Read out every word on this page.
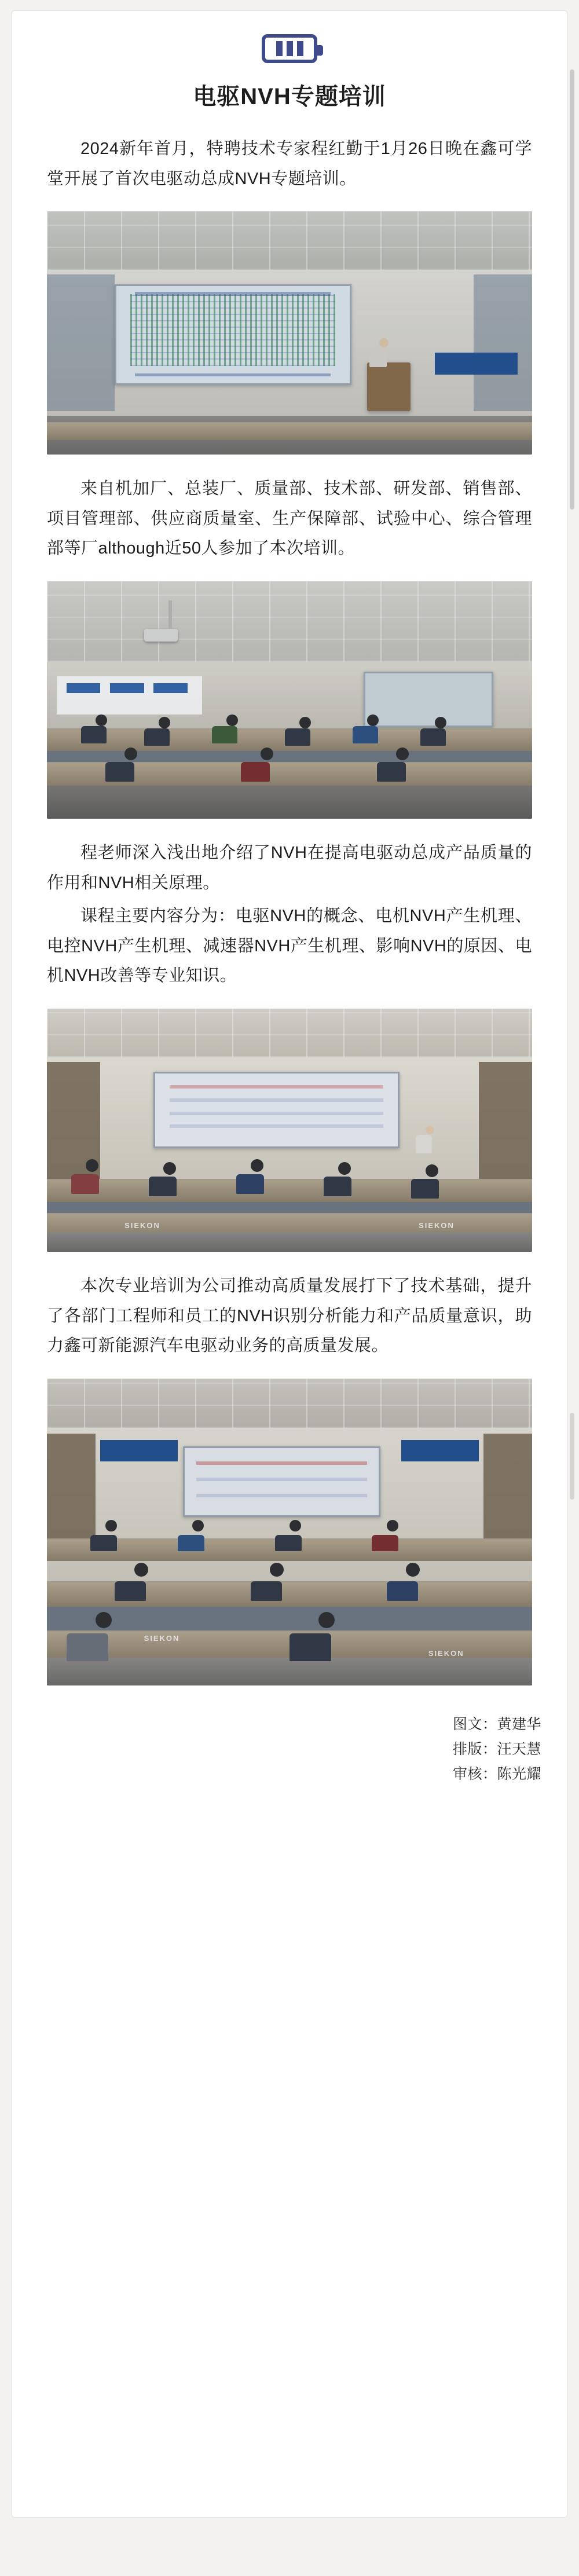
电驱NVH专题培训

2024新年首月，特聘技术专家程红勤于1月26日晚在鑫可学堂开展了首次电驱动总成NVH专题培训。

来自机加厂、总装厂、质量部、技术部、研发部、销售部、项目管理部、供应商质量室、生产保障部、试验中心、综合管理部等厂although近50人参加了本次培训。

程老师深入浅出地介绍了NVH在提高电驱动总成产品质量的作用和NVH相关原理。

课程主要内容分为：电驱NVH的概念、电机NVH产生机理、电控NVH产生机理、减速器NVH产生机理、影响NVH的原因、电机NVH改善等专业知识。

SIEKON	SIEKON

本次专业培训为公司推动高质量发展打下了技术基础，提升了各部门工程师和员工的NVH识别分析能力和产品质量意识，助力鑫可新能源汽车电驱动业务的高质量发展。

SIEKON
SIEKON
图文：黄建华
排版：汪天慧
审核：陈光耀
